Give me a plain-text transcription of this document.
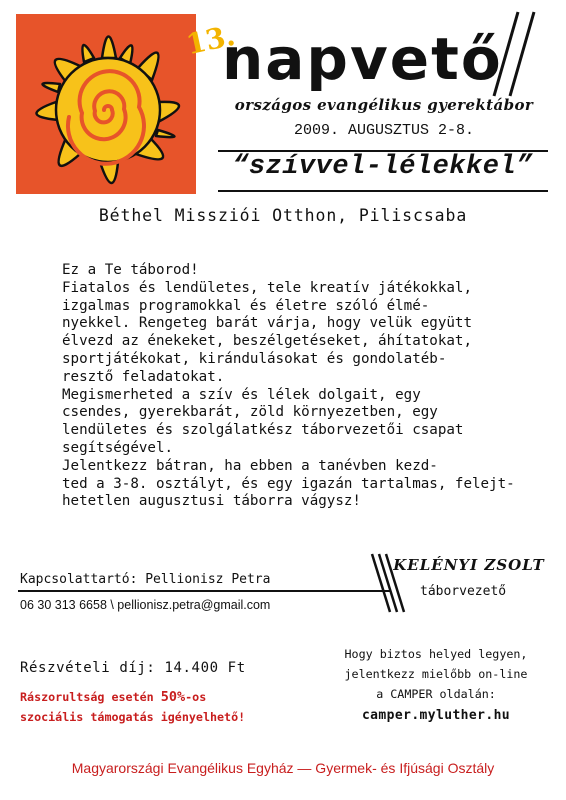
13.
napvető
országos evangélikus gyerektábor
2009. AUGUSZTUS 2-8.
“szívvel-lélekkel”
Béthel Missziói Otthon, Piliscsaba

Ez a Te táborod!

Fiatalos és lendületes, tele kreatív játékokkal,

izgalmas programokkal és életre szóló élmé-

nyekkel. Rengeteg barát várja, hogy velük együtt

élvezd az énekeket, beszélgetéseket, áhítatokat,

sportjátékokat, kirándulásokat és gondolatéb-

resztő feladatokat.

Megismerheted a szív és lélek dolgait, egy

csendes, gyerekbarát, zöld környezetben, egy

lendületes és szolgálatkész táborvezetői csapat

segítségével.

Jelentkezz bátran, ha ebben a tanévben kezd-

ted a 3-8. osztályt, és egy igazán tartalmas, felejt-

hetetlen augusztusi táborra vágysz!

Kapcsolattartó: Pellionisz Petra
06 30 313 6658 \ pellionisz.petra@gmail.com
KELÉNYI ZSOLT
táborvezető
Részvételi díj: 14.400 Ft
Rászorultság esetén 50%-os
szociális támogatás igényelhető!
Hogy biztos helyed legyen,
jelentkezz mielőbb on-line
a CAMPER oldalán:
camper.myluther.hu
Magyarországi Evangélikus Egyház — Gyermek- és Ifjúsági Osztály
